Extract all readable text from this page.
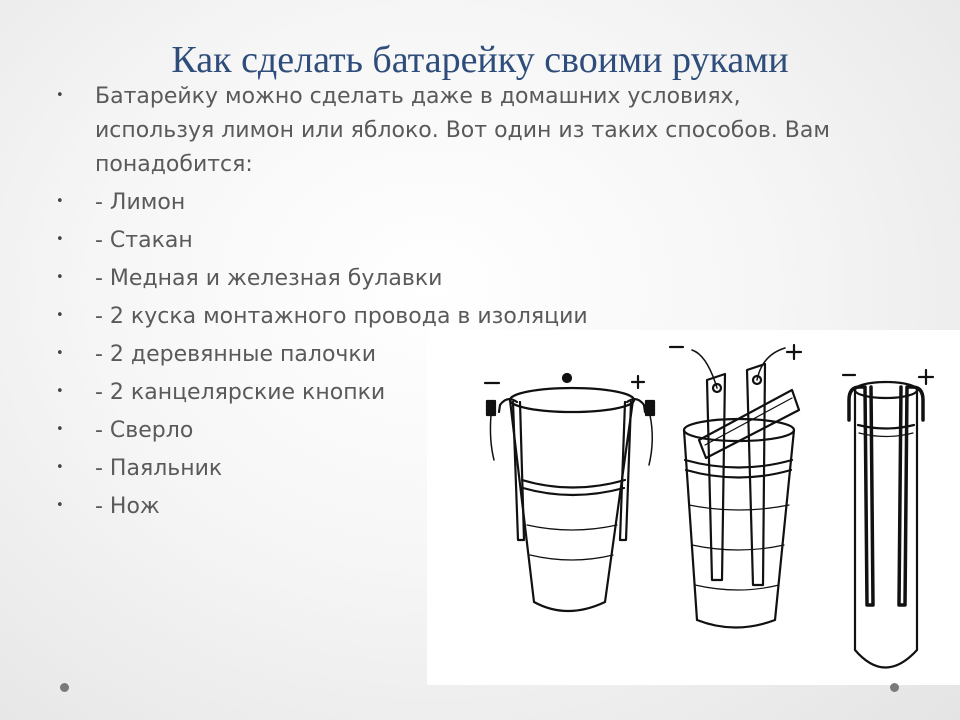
Как сделать батарейку своими руками
• Батарейку можно сделать даже в домашних условиях, используя лимон или яблоко. Вот один из таких способов. Вам понадобится:
• - Лимон
• - Стакан
• - Медная и железная булавки
• - 2 куска монтажного провода в изоляции
• - 2 деревянные палочки
• - 2 канцелярские кнопки
• - Сверло
• - Паяльник
• - Нож
